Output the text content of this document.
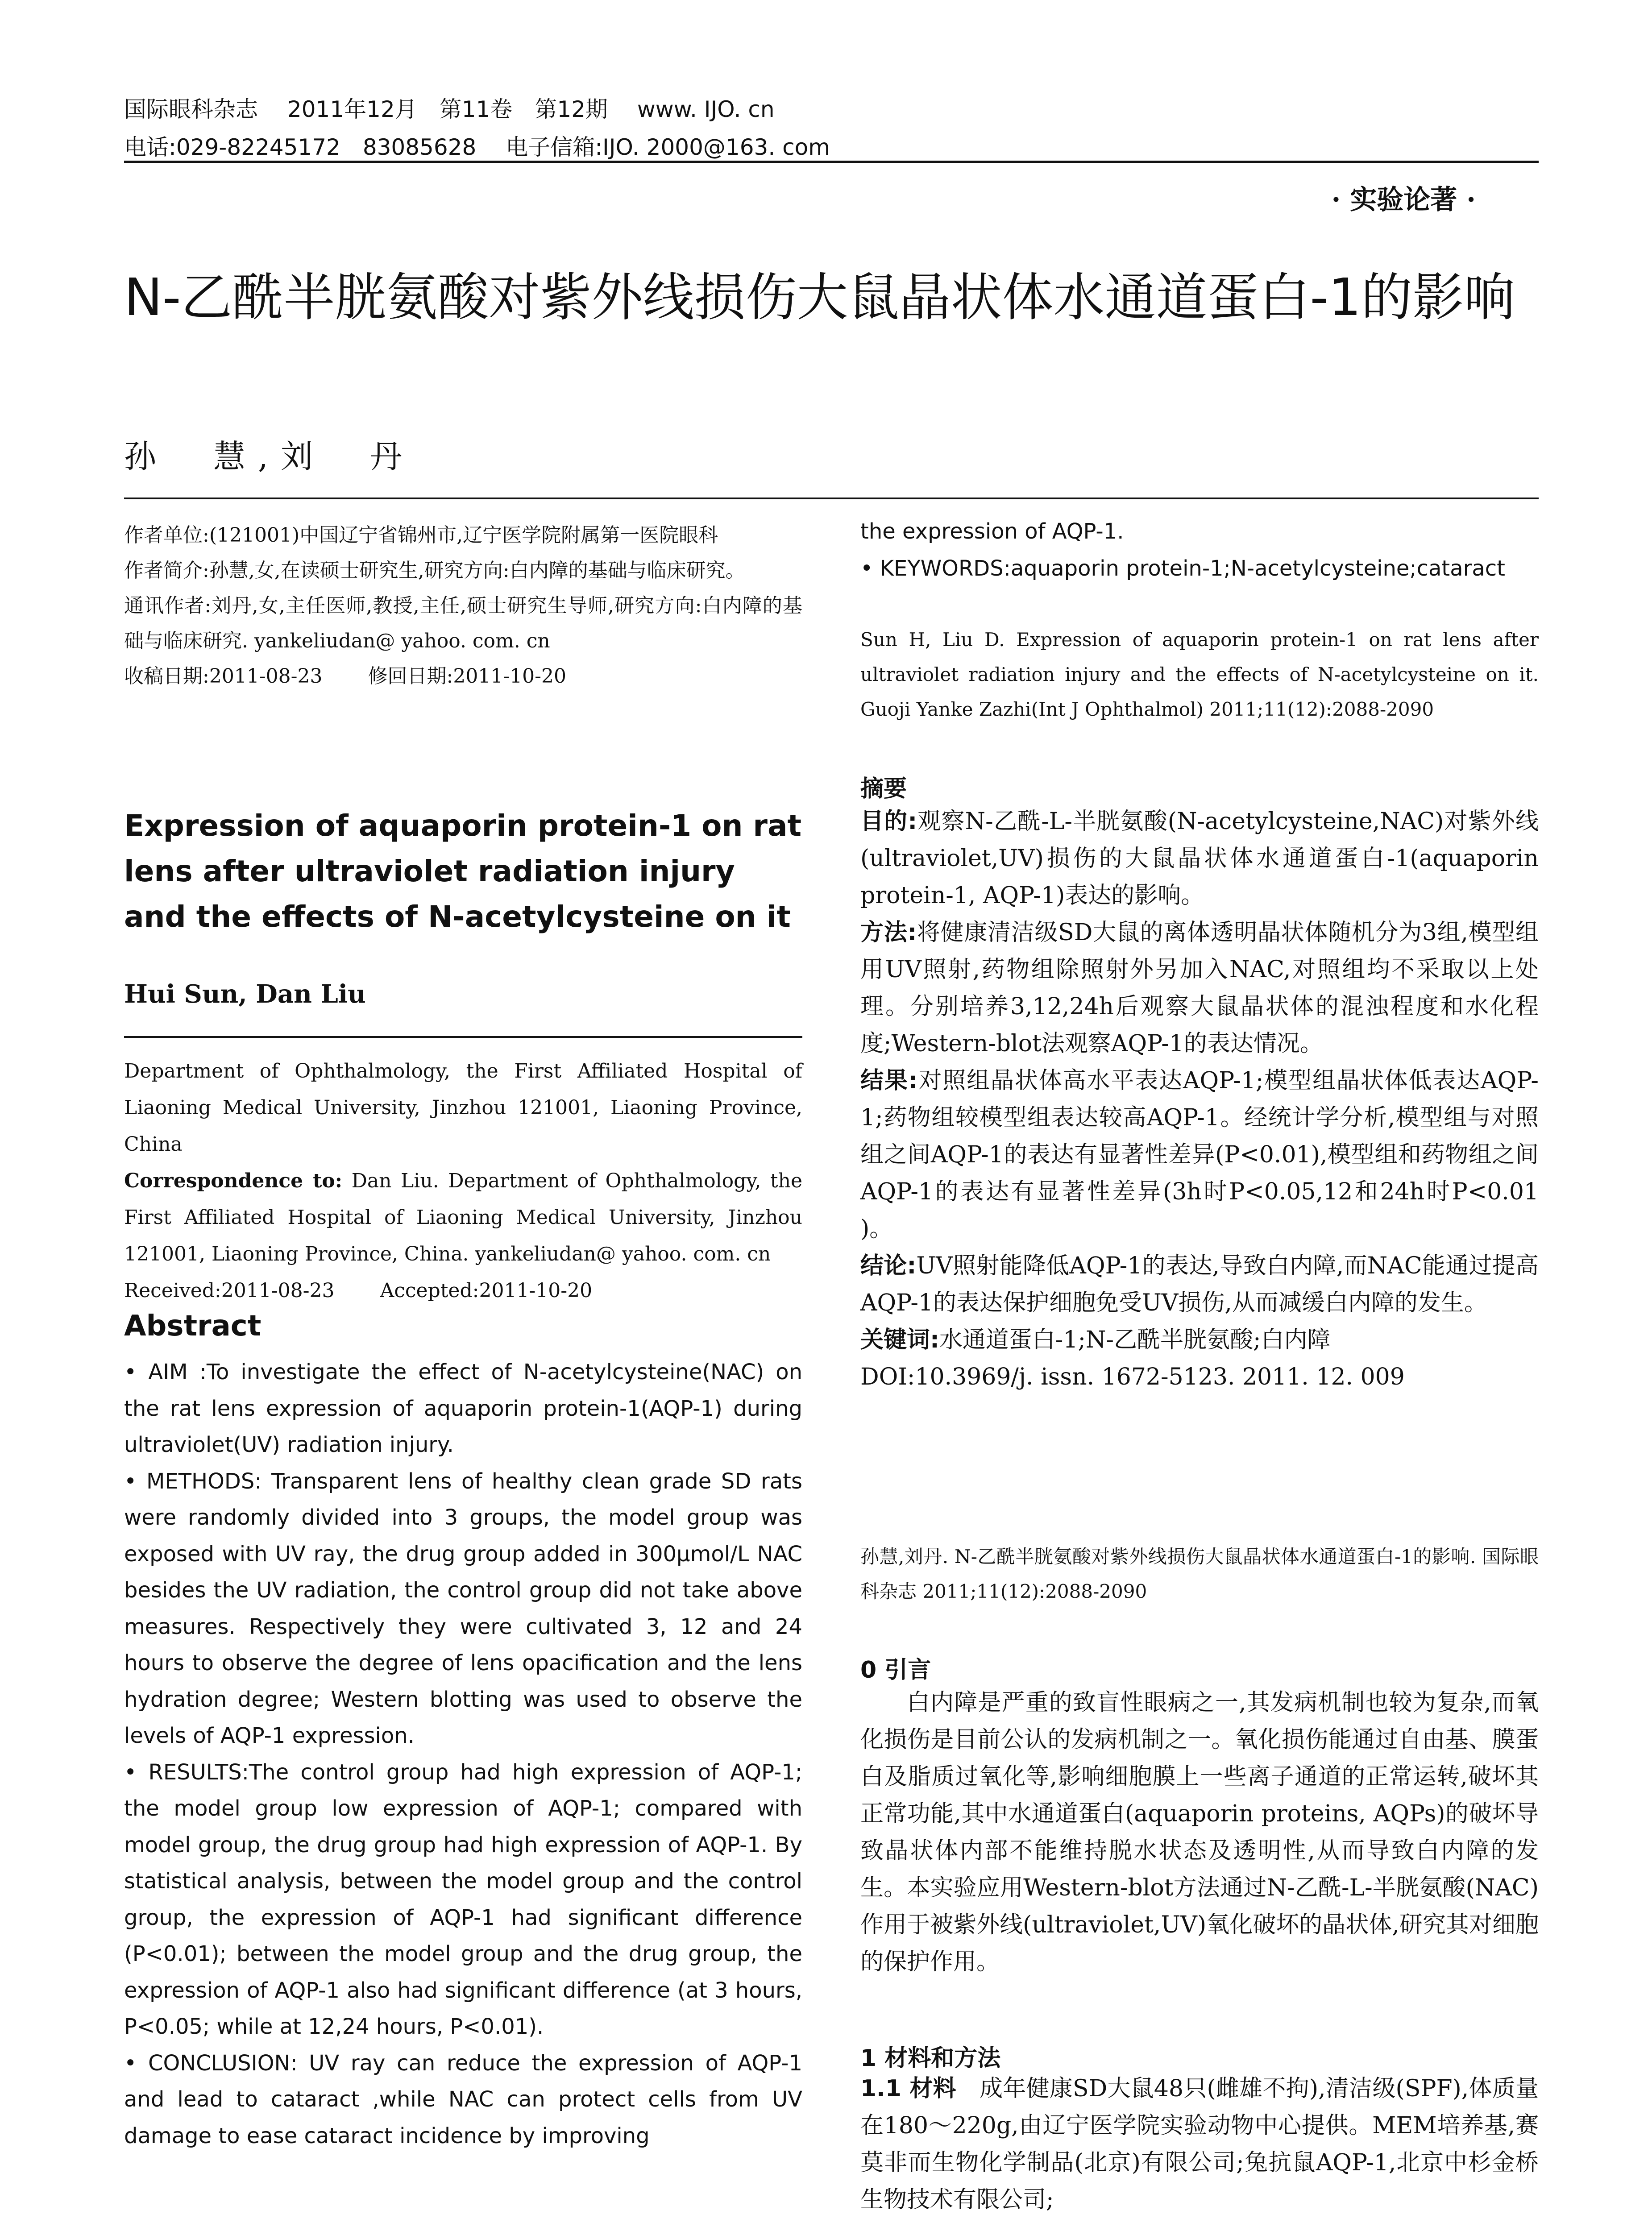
国际眼科杂志　 2011年12月　第11卷　第12期　 www. IJO. cn
电话:029-82245172　83085628　 电子信箱:IJO. 2000@163. com
· 实验论著 ·
N-乙酰半胱氨酸对紫外线损伤大鼠晶状体水通道蛋白-1的影响
孙　慧,刘　丹

作者单位:(121001)中国辽宁省锦州市,辽宁医学院附属第一医院眼科

作者简介:孙慧,女,在读硕士研究生,研究方向:白内障的基础与临床研究。

通讯作者:刘丹,女,主任医师,教授,主任,硕士研究生导师,研究方向:白内障的基础与临床研究. yankeliudan@ yahoo. com. cn

收稿日期:2011-08-23　　 修回日期:2011-10-20

Expression of aquaporin protein-1 on rat lens after ultraviolet radiation injury and the effects of N-acetylcysteine on it
Hui Sun, Dan Liu

Department of Ophthalmology, the First Affiliated Hospital of Liaoning Medical University, Jinzhou 121001, Liaoning Province, China

Correspondence to: Dan Liu. Department of Ophthalmology, the First Affiliated Hospital of Liaoning Medical University, Jinzhou 121001, Liaoning Province, China. yankeliudan@ yahoo. com. cn

Received:2011-08-23　　 Accepted:2011-10-20

Abstract

• AIM :To investigate the effect of N-acetylcysteine(NAC) on the rat lens expression of aquaporin protein-1(AQP-1) during ultraviolet(UV) radiation injury.

• METHODS: Transparent lens of healthy clean grade SD rats were randomly divided into 3 groups, the model group was exposed with UV ray, the drug group added in 300μmol/L NAC besides the UV radiation, the control group did not take above measures. Respectively they were cultivated 3, 12 and 24 hours to observe the degree of lens opacification and the lens hydration degree; Western blotting was used to observe the levels of AQP-1 expression.

• RESULTS:The control group had high expression of AQP-1; the model group low expression of AQP-1; compared with model group, the drug group had high expression of AQP-1. By statistical analysis, between the model group and the control group, the expression of AQP-1 had significant difference (P<0.01); between the model group and the drug group, the expression of AQP-1 also had significant difference (at 3 hours, P<0.05; while at 12,24 hours, P<0.01).

• CONCLUSION: UV ray can reduce the expression of AQP-1 and lead to cataract ,while NAC can protect cells from UV damage to ease cataract incidence by improving

the expression of AQP-1.

• KEYWORDS:aquaporin protein-1;N-acetylcysteine;cataract

Sun H, Liu D. Expression of aquaporin protein-1 on rat lens after ultraviolet radiation injury and the effects of N-acetylcysteine on it. Guoji Yanke Zazhi(Int J Ophthalmol) 2011;11(12):2088-2090

摘要

目的:观察N-乙酰-L-半胱氨酸(N-acetylcysteine,NAC)对紫外线(ultraviolet,UV)损伤的大鼠晶状体水通道蛋白-1(aquaporin protein-1, AQP-1)表达的影响。

方法:将健康清洁级SD大鼠的离体透明晶状体随机分为3组,模型组用UV照射,药物组除照射外另加入NAC,对照组均不采取以上处理。分别培养3,12,24h后观察大鼠晶状体的混浊程度和水化程度;Western-blot法观察AQP-1的表达情况。

结果:对照组晶状体高水平表达AQP-1;模型组晶状体低表达AQP-1;药物组较模型组表达较高AQP-1。经统计学分析,模型组与对照组之间AQP-1的表达有显著性差异(P<0.01),模型组和药物组之间AQP-1的表达有显著性差异(3h时P<0.05,12和24h时P<0.01 )。

结论:UV照射能降低AQP-1的表达,导致白内障,而NAC能通过提高AQP-1的表达保护细胞免受UV损伤,从而减缓白内障的发生。

关键词:水通道蛋白-1;N-乙酰半胱氨酸;白内障

DOI:10.3969/j. issn. 1672-5123. 2011. 12. 009

孙慧,刘丹. N-乙酰半胱氨酸对紫外线损伤大鼠晶状体水通道蛋白-1的影响. 国际眼科杂志 2011;11(12):2088-2090

0 引言

白内障是严重的致盲性眼病之一,其发病机制也较为复杂,而氧化损伤是目前公认的发病机制之一。氧化损伤能通过自由基、膜蛋白及脂质过氧化等,影响细胞膜上一些离子通道的正常运转,破坏其正常功能,其中水通道蛋白(aquaporin proteins, AQPs)的破坏导致晶状体内部不能维持脱水状态及透明性,从而导致白内障的发生。本实验应用Western-blot方法通过N-乙酰-L-半胱氨酸(NAC)作用于被紫外线(ultraviolet,UV)氧化破坏的晶状体,研究其对细胞的保护作用。

1 材料和方法

1.1 材料　成年健康SD大鼠48只(雌雄不拘),清洁级(SPF),体质量在180～220g,由辽宁医学院实验动物中心提供。MEM培养基,赛莫非而生物化学制品(北京)有限公司;兔抗鼠AQP-1,北京中杉金桥生物技术有限公司;
